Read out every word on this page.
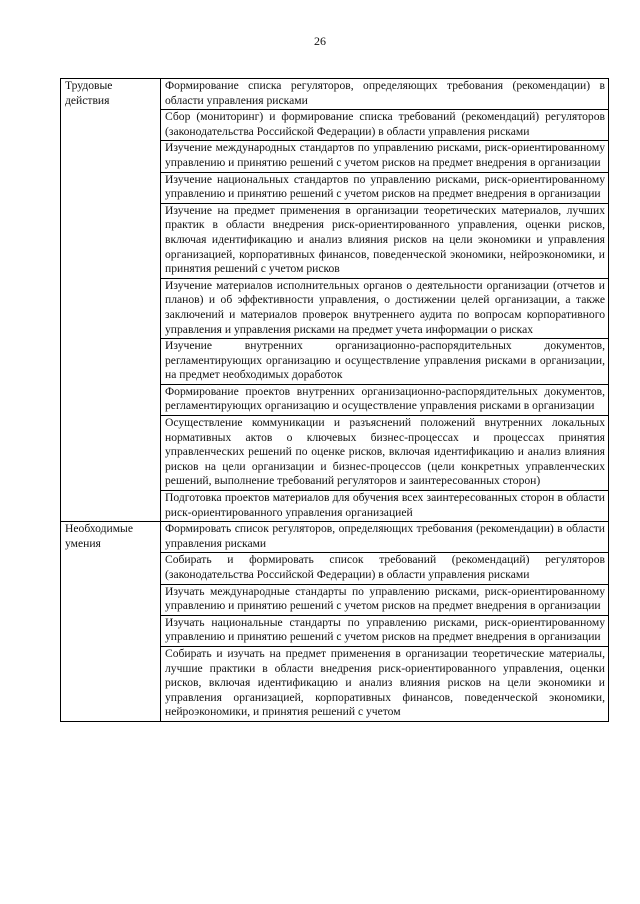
26
Трудовые действия	Формирование списка регуляторов, определяющих требования (рекомендации) в области управления рисками
	Сбор (мониторинг) и формирование списка требований (рекомендаций) регуляторов (законодательства Российской Федерации) в области управления рисками
	Изучение международных стандартов по управлению рисками, риск-ориентированному управлению и принятию решений с учетом рисков на предмет внедрения в организации
	Изучение национальных стандартов по управлению рисками, риск-ориентированному управлению и принятию решений с учетом рисков на предмет внедрения в организации
	Изучение на предмет применения в организации теоретических материалов, лучших практик в области внедрения риск-ориентированного управления, оценки рисков, включая идентификацию и анализ влияния рисков на цели экономики и управления организацией, корпоративных финансов, поведенческой экономики, нейроэкономики, и принятия решений с учетом рисков
	Изучение материалов исполнительных органов о деятельности организации (отчетов и планов) и об эффективности управления, о достижении целей организации, а также заключений и материалов проверок внутреннего аудита по вопросам корпоративного управления и управления рисками на предмет учета информации о рисках
	Изучение внутренних организационно-распорядительных документов, регламентирующих организацию и осуществление управления рисками в организации, на предмет необходимых доработок
	Формирование проектов внутренних организационно-распорядительных документов, регламентирующих организацию и осуществление управления рисками в организации
	Осуществление коммуникации и разъяснений положений внутренних локальных нормативных актов о ключевых бизнес-процессах и процессах принятия управленческих решений по оценке рисков, включая идентификацию и анализ влияния рисков на цели организации и бизнес-процессов (цели конкретных управленческих решений, выполнение требований регуляторов и заинтересованных сторон)
	Подготовка проектов материалов для обучения всех заинтересованных сторон в области риск-ориентированного управления организацией
Необходимые умения	Формировать список регуляторов, определяющих требования (рекомендации) в области управления рисками
	Собирать и формировать список требований (рекомендаций) регуляторов (законодательства Российской Федерации) в области управления рисками
	Изучать международные стандарты по управлению рисками, риск-ориентированному управлению и принятию решений с учетом рисков на предмет внедрения в организации
	Изучать национальные стандарты по управлению рисками, риск-ориентированному управлению и принятию решений с учетом рисков на предмет внедрения в организации
	Собирать и изучать на предмет применения в организации теоретические материалы, лучшие практики в области внедрения риск-ориентированного управления, оценки рисков, включая идентификацию и анализ влияния рисков на цели экономики и управления организацией, корпоративных финансов, поведенческой экономики, нейроэкономики, и принятия решений с учетом
